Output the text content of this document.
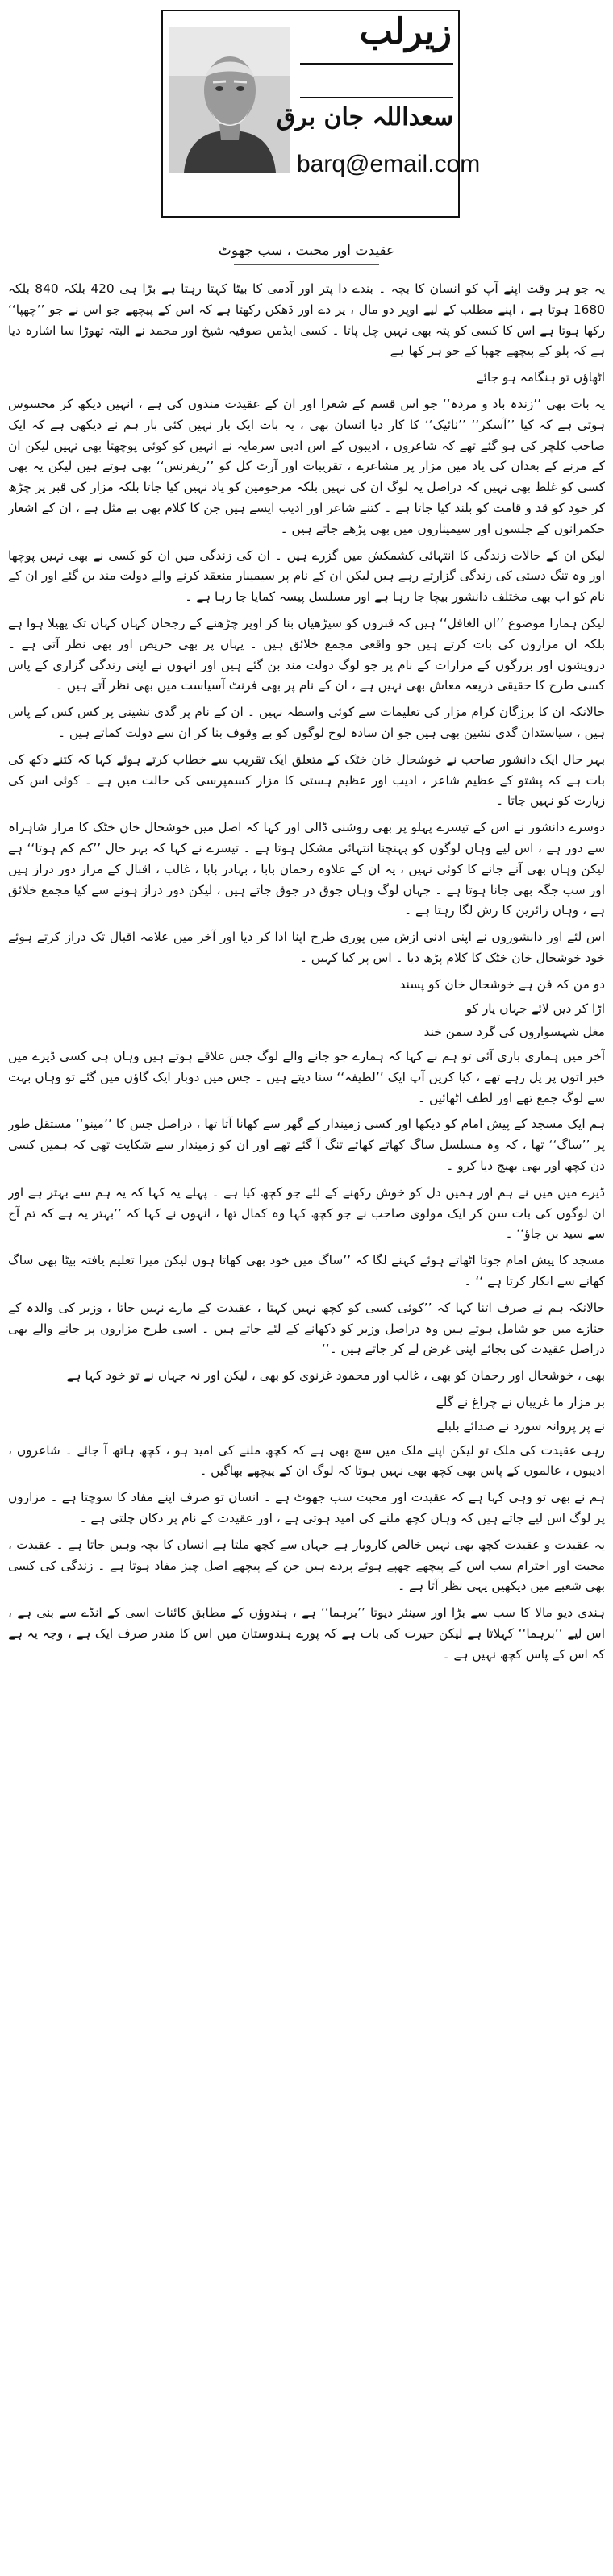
زیرلب
سعداللہ جان برق
barq@email.com
عقیدت اور محبت ، سب جھوٹ

یہ جو ہر وقت اپنے آپ کو انسان کا بچہ ۔ بندے دا پتر اور آدمی کا بیٹا کہتا رہتا ہے بڑا ہی 420 بلکہ 840 بلکہ 1680 ہوتا ہے ، اپنے مطلب کے لیے اوپر دو مال ، پر دے اور ڈھکن رکھتا ہے کہ اس کے پیچھے جو اس نے جو ’’چھپا‘‘ رکھا ہوتا ہے اس کا کسی کو پتہ بھی نہیں چل پاتا ۔ کسی ایڈمن صوفیہ شیخ اور محمد نے البتہ تھوڑا سا اشارہ دیا ہے کہ پلو کے پیچھے چھپا کے جو ہر کھا ہے

اٹھاؤں تو ہنگامہ ہو جائے

یہ بات بھی ’’زندہ باد و مردہ‘‘ جو اس قسم کے شعرا اور ان کے عقیدت مندوں کی ہے ، انہیں دیکھ کر محسوس ہوتی ہے کہ کیا ’’آسکر‘‘ ’’نائیک‘‘ کا کار دیا انسان بھی ، یہ بات ایک بار نہیں کئی بار ہم نے دیکھی ہے کہ ایک صاحب کلچر کی ہو گئے تھے کہ شاعروں ، ادیبوں کے اس ادبی سرمایہ نے انہیں کو کوئی پوچھتا بھی نہیں لیکن ان کے مرنے کے بعدان کی یاد میں مزار پر مشاعرے ، تقریبات اور آرٹ کل کو ’’ریفرنس‘‘ بھی ہوتے ہیں لیکن یہ بھی کسی کو غلط بھی نہیں کہ دراصل یہ لوگ ان کی نہیں بلکہ مرحومین کو یاد نہیں کیا جاتا بلکہ مزار کی قبر پر چڑھ کر خود کو قد و قامت کو بلند کیا جاتا ہے ۔ کتنے شاعر اور ادیب ایسے ہیں جن کا کلام بھی بے مثل ہے ، ان کے اشعار حکمرانوں کے جلسوں اور سیمیناروں میں بھی پڑھے جاتے ہیں ۔

لیکن ان کے حالات زندگی کا انتہائی کشمکش میں گزرے ہیں ۔ ان کی زندگی میں ان کو کسی نے بھی نہیں پوچھا اور وہ تنگ دستی کی زندگی گزارتے رہے ہیں لیکن ان کے نام پر سیمینار منعقد کرنے والے دولت مند بن گئے اور ان کے نام کو اب بھی مختلف دانشور بیچا جا رہا ہے اور مسلسل پیسہ کمایا جا رہا ہے ۔

لیکن ہمارا موضوع ’’ان الغافل‘‘ ہیں کہ قبروں کو سیڑھیاں بنا کر اوپر چڑھنے کے رجحان کہاں کہاں تک پھیلا ہوا ہے بلکہ ان مزاروں کی بات کرتے ہیں جو واقعی مجمع خلائق ہیں ۔ یہاں پر بھی حریص اور بھی نظر آتی ہے ۔ درویشوں اور بزرگوں کے مزارات کے نام پر جو لوگ دولت مند بن گئے ہیں اور انہوں نے اپنی زندگی گزاری کے پاس کسی طرح کا حقیقی ذریعہ معاش بھی نہیں ہے ، ان کے نام پر بھی فرنٹ آسیاست میں بھی نظر آتے ہیں ۔

حالانکہ ان کا برزگان کرام مزار کی تعلیمات سے کوئی واسطہ نہیں ۔ ان کے نام پر گدی نشینی پر کس کس کے پاس ہیں ، سیاستدان گدی نشین بھی ہیں جو ان سادہ لوح لوگوں کو بے وقوف بنا کر ان سے دولت کماتے ہیں ۔

بہر حال ایک دانشور صاحب نے خوشحال خان خٹک کے متعلق ایک تقریب سے خطاب کرتے ہوئے کہا کہ کتنے دکھ کی بات ہے کہ پشتو کے عظیم شاعر ، ادیب اور عظیم ہستی کا مزار کسمپرسی کی حالت میں ہے ۔ کوئی اس کی زیارت کو نہیں جاتا ۔

دوسرے دانشور نے اس کے تیسرے پہلو پر بھی روشنی ڈالی اور کہا کہ اصل میں خوشحال خان خٹک کا مزار شاہراہ سے دور ہے ، اس لیے وہاں لوگوں کو پہنچنا انتہائی مشکل ہوتا ہے ۔ تیسرے نے کہا کہ بہر حال ’’کم کم ہوتا‘‘ ہے لیکن وہاں بھی آنے جانے کا کوئی نہیں ، یہ ان کے علاوہ رحمان بابا ، بہادر بابا ، غالب ، اقبال کے مزار دور دراز ہیں اور سب جگہ بھی جانا ہوتا ہے ۔ جہاں لوگ وہاں جوق در جوق جاتے ہیں ، لیکن دور دراز ہونے سے کیا مجمع خلائق ہے ، وہاں زائرین کا رش لگا رہتا ہے ۔

اس لئے اور دانشوروں نے اپنی ادنیٰ ازش میں پوری طرح اپنا ادا کر دیا اور آخر میں علامہ اقبال تک دراز کرتے ہوئے خود خوشحال خان خٹک کا کلام پڑھ دیا ۔ اس پر کیا کہیں ۔

دو من کہ فن ہے خوشحال خان کو پسند
اڑا کر دیں لائے جہاں یار کو
مغل شہسواروں کی گرد سمن خند

آخر میں ہماری باری آئی تو ہم نے کہا کہ ہمارے جو جانے والے لوگ جس علاقے ہوتے ہیں وہاں ہی کسی ڈیرے میں خبر اتوں پر پل رہے تھے ، کیا کریں آپ ایک ’’لطیفہ‘‘ سنا دیتے ہیں ۔ جس میں دوبار ایک گاؤں میں گئے تو وہاں بہت سے لوگ جمع تھے اور لطف اٹھائیں ۔

ہم ایک مسجد کے پیش امام کو دیکھا اور کسی زمیندار کے گھر سے کھانا آتا تھا ، دراصل جس کا ’’مینو‘‘ مستقل طور پر ’’ساگ‘‘ تھا ، کہ وہ مسلسل ساگ کھاتے کھاتے تنگ آ گئے تھے اور ان کو زمیندار سے شکایت تھی کہ ہمیں کسی دن کچھ اور بھی بھیج دیا کرو ۔

ڈیرے میں میں نے ہم اور ہمیں دل کو خوش رکھنے کے لئے جو کچھ کیا ہے ۔ پہلے یہ کہا کہ یہ ہم سے بہتر ہے اور ان لوگوں کی بات سن کر ایک مولوی صاحب نے جو کچھ کہا وہ کمال تھا ، انہوں نے کہا کہ ’’بہتر یہ ہے کہ تم آج سے سید بن جاؤ‘‘ ۔

مسجد کا پیش امام جوتا اٹھاتے ہوئے کہنے لگا کہ ’’ساگ میں خود بھی کھاتا ہوں لیکن میرا تعلیم یافتہ بیٹا بھی ساگ کھانے سے انکار کرتا ہے ‘‘ ۔

حالانکہ ہم نے صرف اتنا کہا کہ ’’کوئی کسی کو کچھ نہیں کہتا ، عقیدت کے مارے نہیں جاتا ، وزیر کی والدہ کے جنازے میں جو شامل ہوتے ہیں وہ دراصل وزیر کو دکھانے کے لئے جاتے ہیں ۔ اسی طرح مزاروں پر جانے والے بھی دراصل عقیدت کی بجائے اپنی غرض لے کر جاتے ہیں ۔‘‘

بھی ، خوشحال اور رحمان کو بھی ، غالب اور محمود غزنوی کو بھی ، لیکن اور نہ جہاں نے تو خود کہا ہے

بر مزار ما غریباں نے چراغ نے گلے
نے پر پروانہ سوزد نے صدائے بلبلے

رہی عقیدت کی ملک تو لیکن اپنے ملک میں سچ بھی ہے کہ کچھ ملنے کی امید ہو ، کچھ ہاتھ آ جائے ۔ شاعروں ، ادیبوں ، عالموں کے پاس بھی کچھ بھی نہیں ہوتا کہ لوگ ان کے پیچھے بھاگیں ۔

ہم نے بھی تو وہی کہا ہے کہ عقیدت اور محبت سب جھوٹ ہے ۔ انسان تو صرف اپنے مفاد کا سوچتا ہے ۔ مزاروں پر لوگ اس لیے جاتے ہیں کہ وہاں کچھ ملنے کی امید ہوتی ہے ، اور عقیدت کے نام پر دکان چلتی ہے ۔

یہ عقیدت و عقیدت کچھ بھی نہیں خالص کاروبار ہے جہاں سے کچھ ملتا ہے انسان کا بچہ وہیں جاتا ہے ۔ عقیدت ، محبت اور احترام سب اس کے پیچھے چھپے ہوئے پردے ہیں جن کے پیچھے اصل چیز مفاد ہوتا ہے ۔ زندگی کی کسی بھی شعبے میں دیکھیں یہی نظر آتا ہے ۔

ہندی دیو مالا کا سب سے بڑا اور سینئر دیوتا ’’برہما‘‘ ہے ، ہندوؤں کے مطابق کائنات اسی کے انڈے سے بنی ہے ، اس لیے ’’برہما‘‘ کہلاتا ہے لیکن حیرت کی بات ہے کہ پورے ہندوستان میں اس کا مندر صرف ایک ہے ، وجہ یہ ہے کہ اس کے پاس کچھ نہیں ہے ۔
